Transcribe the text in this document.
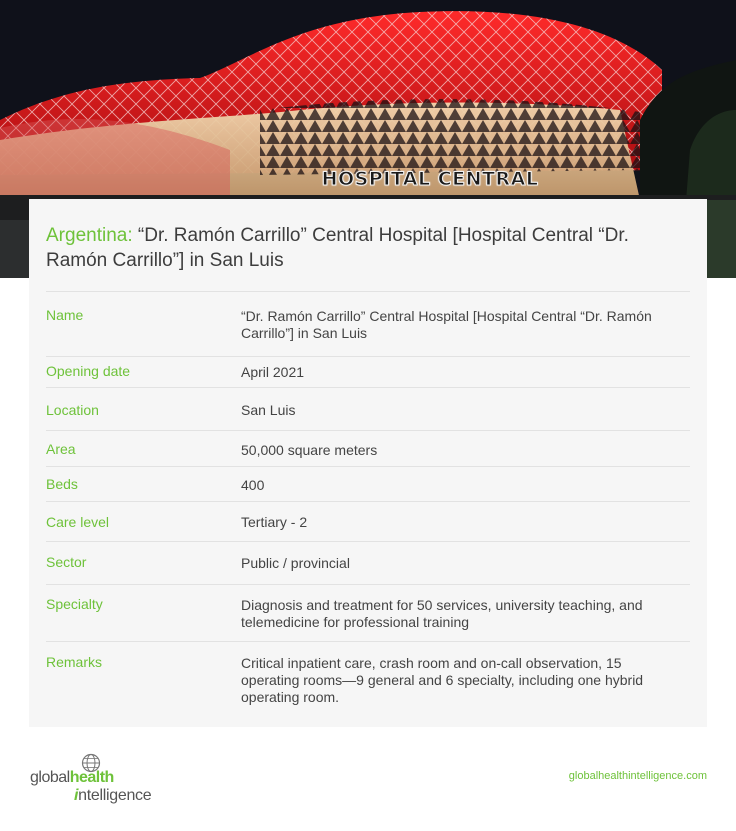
HOSPITAL CENTRAL
Argentina: “Dr. Ramón Carrillo” Central Hospital [Hospital Central “Dr. Ramón Carrillo”] in San Luis
Name	“Dr. Ramón Carrillo” Central Hospital [Hospital Central “Dr. Ramón Carrillo”] in San Luis
Opening date	April 2021
Location	San Luis
Area	50,000 square meters
Beds	400
Care level	Tertiary - 2
Sector	Public / provincial
Specialty	Diagnosis and treatment for 50 services, university teaching, and telemedicine for professional training
Remarks	Critical inpatient care, crash room and on-call observation, 15 operating rooms—9 general and 6 specialty, including one hybrid operating room.
globalhealth
intelligence
globalhealthintelligence.com
